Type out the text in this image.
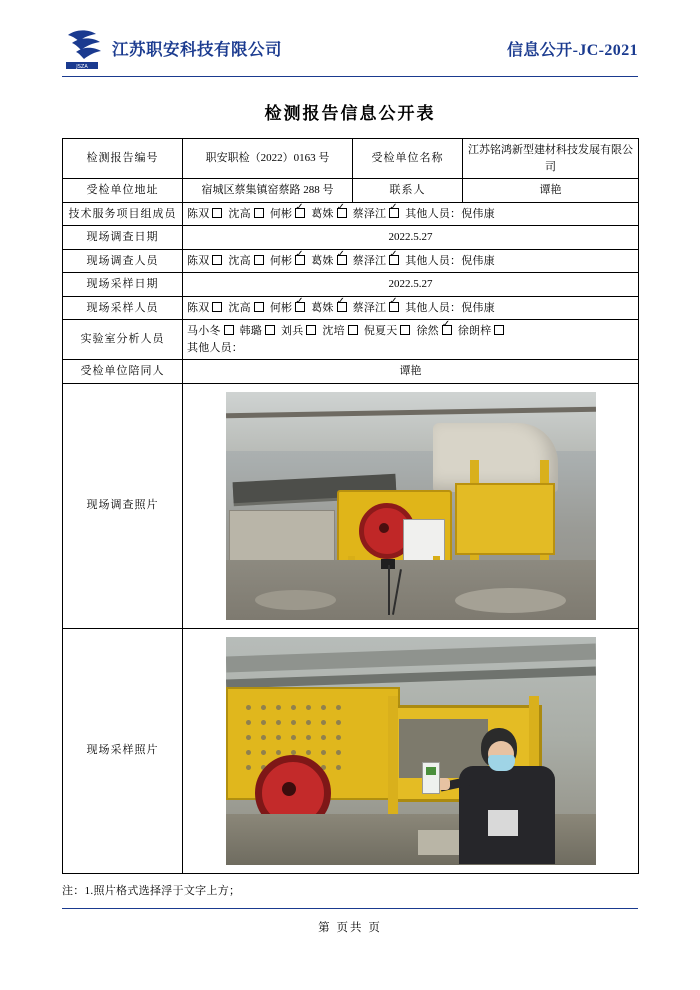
JSZA
江苏职安科技有限公司	信息公开-JC-2021
检测报告信息公开表
检测报告编号	职安职检（2022）0163 号	受检单位名称	江苏铭鸿新型建材科技发展有限公司
受检单位地址	宿城区蔡集镇窑蔡路 288 号	联系人	谭艳
技术服务项目组成员	陈双 沈高 何彬 ✓ 葛姝 ✓ 蔡泽江 ✓ 其他人员：倪伟康
现场调查日期	2022.5.27		
现场调查人员	陈双 沈高 何彬 ✓ 葛姝 ✓ 蔡泽江 ✓ 其他人员：倪伟康
现场采样日期	2022.5.27		
现场采样人员	陈双 沈高 何彬 ✓ 葛姝 ✓ 蔡泽江 ✓ 其他人员：倪伟康
实验室分析人员	马小冬 韩璐 刘兵 沈培 倪夏天 徐然 ✓ 徐朗梓
其他人员：

受检单位陪同人	谭艳		
现场调查照片			

现场采样照片			
注：1.照片格式选择浮于文字上方；
第 页共 页
